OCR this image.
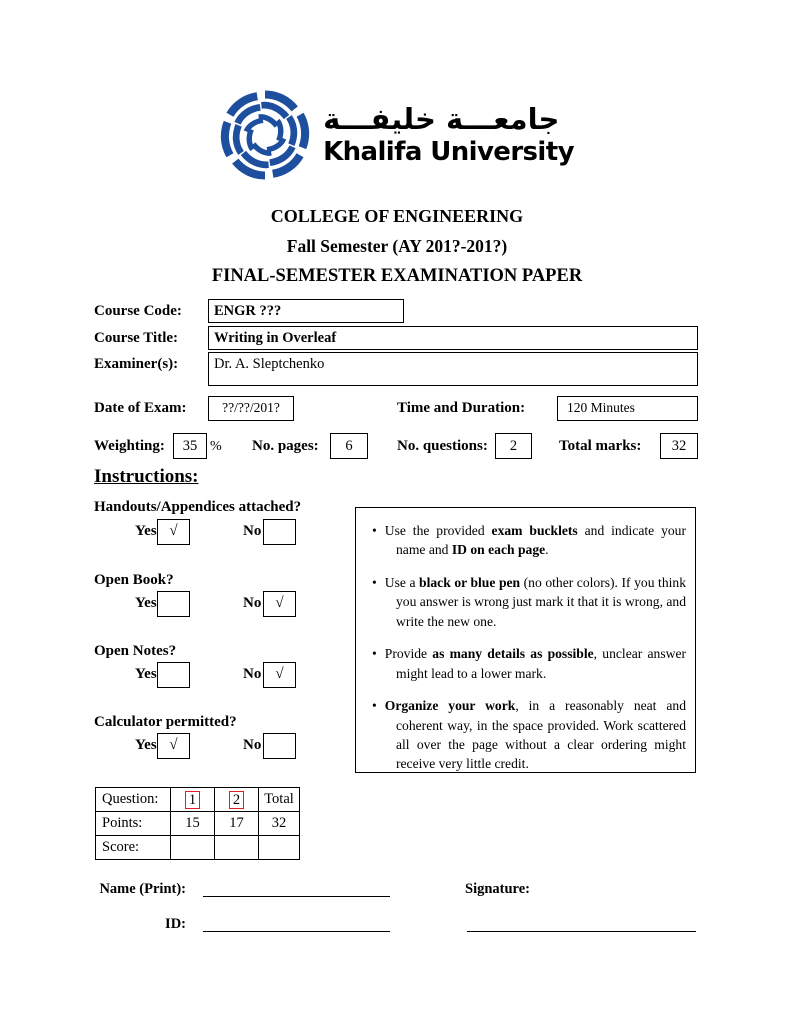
جامعـــة خليفـــة
Khalifa University
COLLEGE OF ENGINEERING
Fall Semester (AY 201?-201?)
FINAL-SEMESTER EXAMINATION PAPER
Course Code:	ENGR ???
Course Title:	Writing in Overleaf
Examiner(s):	Dr. A. Sleptchenko
Date of Exam:	??/??/201?	Time and Duration:	120 Minutes
Weighting:	35 % No. pages:	6	No. questions:	2	Total marks:	32
Instructions:
Handouts/Appendices attached?
Yes √	No
Open Book?
Yes	No √
Open Notes?
Yes	No √
Calculator permitted?
Yes √	No
• Use the provided exam bucklets and indicate your name and ID on each page.
• Use a black or blue pen (no other colors). If you think you answer is wrong just mark it that it is wrong, and write the new one.
• Provide as many details as possible, unclear answer might lead to a lower mark.
• Organize your work, in a reasonably neat and coherent way, in the space provided. Work scattered all over the page without a clear ordering might receive very little credit.
Question:	1	2	Total
Points:	15	17	32
Score:			
Name (Print):	Signature:
ID:
